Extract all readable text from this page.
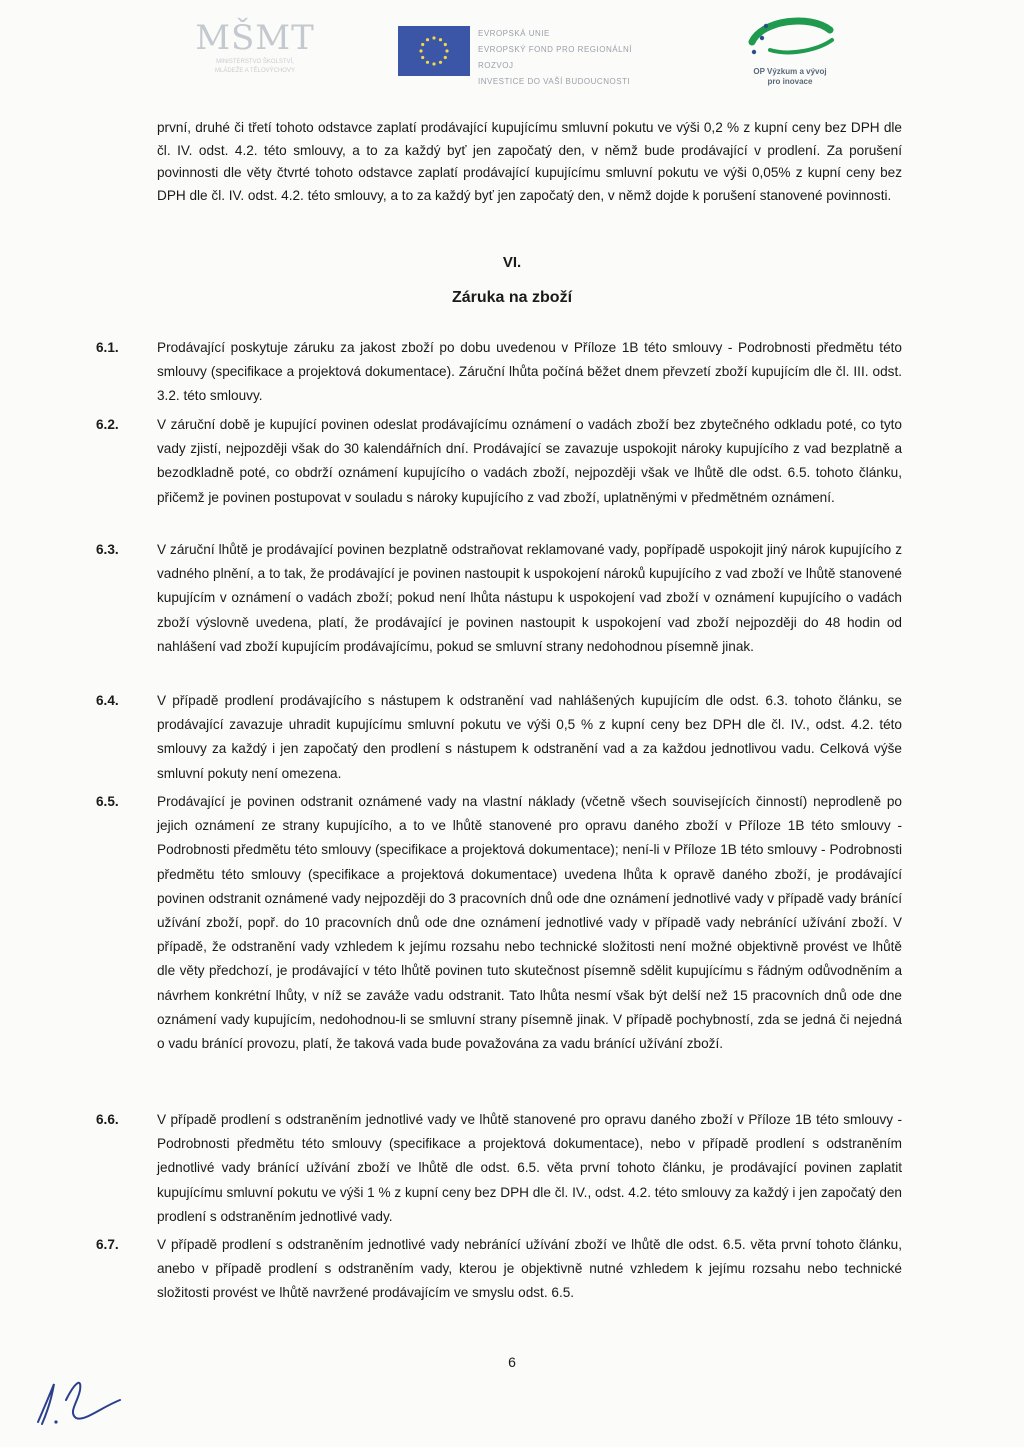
MŠMT
MINISTERSTVO ŠKOLSTVÍ,
MLÁDEŽE A TĚLOVÝCHOVY
EVROPSKÁ UNIE
EVROPSKÝ FOND PRO REGIONÁLNÍ ROZVOJ
INVESTICE DO VAŠÍ BUDOUCNOSTI
OP Výzkum a vývoj
pro inovace
první, druhé či třetí tohoto odstavce zaplatí prodávající kupujícímu smluvní pokutu ve výši 0,2 % z kupní ceny bez DPH dle čl. IV. odst. 4.2. této smlouvy, a to za každý byť jen započatý den, v němž bude prodávající v prodlení. Za porušení povinnosti dle věty čtvrté tohoto odstavce zaplatí prodávající kupujícímu smluvní pokutu ve výši 0,05% z kupní ceny bez DPH dle čl. IV. odst. 4.2. této smlouvy, a to za každý byť jen započatý den, v němž dojde k porušení stanovené povinnosti.
VI.
Záruka na zboží
6.1.	Prodávající poskytuje záruku za jakost zboží po dobu uvedenou v Příloze 1B této smlouvy - Podrobnosti předmětu této smlouvy (specifikace a projektová dokumentace). Záruční lhůta počíná běžet dnem převzetí zboží kupujícím dle čl. III. odst. 3.2. této smlouvy.
6.2.	V záruční době je kupující povinen odeslat prodávajícímu oznámení o vadách zboží bez zbytečného odkladu poté, co tyto vady zjistí, nejpozději však do 30 kalendářních dní. Prodávající se zavazuje uspokojit nároky kupujícího z vad bezplatně a bezodkladně poté, co obdrží oznámení kupujícího o vadách zboží, nejpozději však ve lhůtě dle odst. 6.5. tohoto článku, přičemž je povinen postupovat v souladu s nároky kupujícího z vad zboží, uplatněnými v předmětném oznámení.
6.3.	V záruční lhůtě je prodávající povinen bezplatně odstraňovat reklamované vady, popřípadě uspokojit jiný nárok kupujícího z vadného plnění, a to tak, že prodávající je povinen nastoupit k uspokojení nároků kupujícího z vad zboží ve lhůtě stanovené kupujícím v oznámení o vadách zboží; pokud není lhůta nástupu k uspokojení vad zboží v oznámení kupujícího o vadách zboží výslovně uvedena, platí, že prodávající je povinen nastoupit k uspokojení vad zboží nejpozději do 48 hodin od nahlášení vad zboží kupujícím prodávajícímu, pokud se smluvní strany nedohodnou písemně jinak.
6.4.	V případě prodlení prodávajícího s nástupem k odstranění vad nahlášených kupujícím dle odst. 6.3. tohoto článku, se prodávající zavazuje uhradit kupujícímu smluvní pokutu ve výši 0,5 % z kupní ceny bez DPH dle čl. IV., odst. 4.2. této smlouvy za každý i jen započatý den prodlení s nástupem k odstranění vad a za každou jednotlivou vadu. Celková výše smluvní pokuty není omezena.
6.5.	Prodávající je povinen odstranit oznámené vady na vlastní náklady (včetně všech souvisejících činností) neprodleně po jejich oznámení ze strany kupujícího, a to ve lhůtě stanovené pro opravu daného zboží v Příloze 1B této smlouvy - Podrobnosti předmětu této smlouvy (specifikace a projektová dokumentace); není-li v Příloze 1B této smlouvy - Podrobnosti předmětu této smlouvy (specifikace a projektová dokumentace) uvedena lhůta k opravě daného zboží, je prodávající povinen odstranit oznámené vady nejpozději do 3 pracovních dnů ode dne oznámení jednotlivé vady v případě vady bránící užívání zboží, popř. do 10 pracovních dnů ode dne oznámení jednotlivé vady v případě vady nebránící užívání zboží. V případě, že odstranění vady vzhledem k jejímu rozsahu nebo technické složitosti není možné objektivně provést ve lhůtě dle věty předchozí, je prodávající v této lhůtě povinen tuto skutečnost písemně sdělit kupujícímu s řádným odůvodněním a návrhem konkrétní lhůty, v níž se zaváže vadu odstranit. Tato lhůta nesmí však být delší než 15 pracovních dnů ode dne oznámení vady kupujícím, nedohodnou-li se smluvní strany písemně jinak. V případě pochybností, zda se jedná či nejedná o vadu bránící provozu, platí, že taková vada bude považována za vadu bránící užívání zboží.
6.6.	V případě prodlení s odstraněním jednotlivé vady ve lhůtě stanovené pro opravu daného zboží v Příloze 1B této smlouvy - Podrobnosti předmětu této smlouvy (specifikace a projektová dokumentace), nebo v případě prodlení s odstraněním jednotlivé vady bránící užívání zboží ve lhůtě dle odst. 6.5. věta první tohoto článku, je prodávající povinen zaplatit kupujícímu smluvní pokutu ve výši 1 % z kupní ceny bez DPH dle čl. IV., odst. 4.2. této smlouvy za každý i jen započatý den prodlení s odstraněním jednotlivé vady.
6.7.	V případě prodlení s odstraněním jednotlivé vady nebránící užívání zboží ve lhůtě dle odst. 6.5. věta první tohoto článku, anebo v případě prodlení s odstraněním vady, kterou je objektivně nutné vzhledem k jejímu rozsahu nebo technické složitosti provést ve lhůtě navržené prodávajícím ve smyslu odst. 6.5.
6
